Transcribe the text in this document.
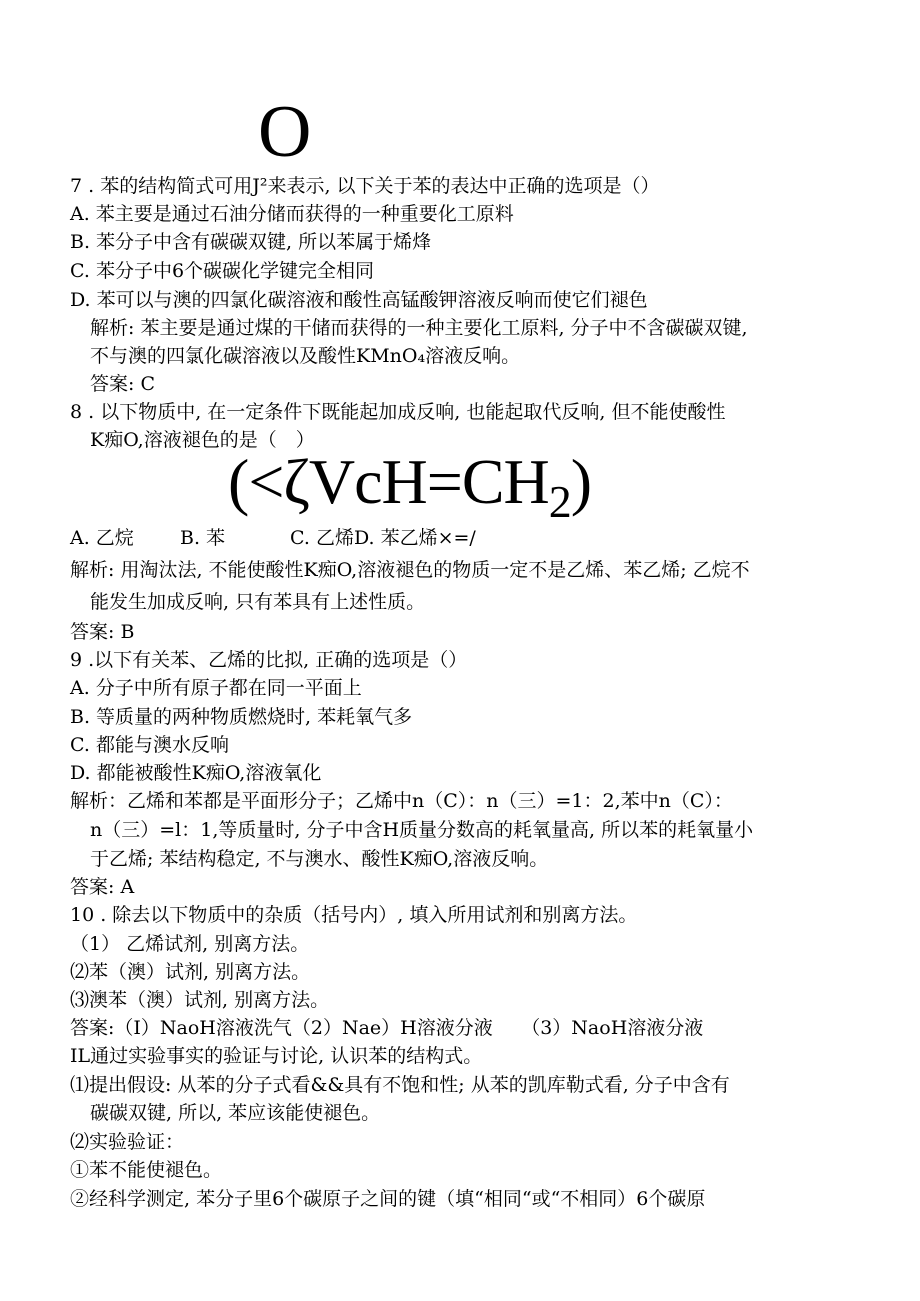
O
7 . 苯的结构简式可用J²来表示, 以下关于苯的表达中正确的选项是（）
A. 苯主要是通过石油分储而获得的一种重要化工原料
B. 苯分子中含有碳碳双键, 所以苯属于烯烽
C. 苯分子中6个碳碳化学键完全相同
D. 苯可以与澳的四氯化碳溶液和酸性高锰酸钾溶液反响而使它们褪色
解析: 苯主要是通过煤的干储而获得的一种主要化工原料, 分子中不含碳碳双键,
不与澳的四氯化碳溶液以及酸性KMnO₄溶液反响。
答案: C
8 . 以下物质中, 在一定条件下既能起加成反响, 也能起取代反响, 但不能使酸性
K痴O,溶液褪色的是（　）
$(<\zeta VcH=CH_2)$
A. 乙烷 B. 苯	C. 乙烯D. 苯乙烯×=/
解析: 用淘汰法, 不能使酸性K痴O,溶液褪色的物质一定不是乙烯、苯乙烯; 乙烷不
能发生加成反响, 只有苯具有上述性质。
答案: B
9 .以下有关苯、乙烯的比拟, 正确的选项是（）
A. 分子中所有原子都在同一平面上
B. 等质量的两种物质燃烧时, 苯耗氧气多
C. 都能与澳水反响
D. 都能被酸性K痴O,溶液氧化
解析：乙烯和苯都是平面形分子；乙烯中n（C）：n（三）=1：2,苯中n（C）：
n（三）=l：1,等质量时, 分子中含H质量分数高的耗氧量高, 所以苯的耗氧量小
于乙烯; 苯结构稳定, 不与澳水、酸性K痴O,溶液反响。
答案: A
10 . 除去以下物质中的杂质（括号内）, 填入所用试剂和别离方法。
（1） 乙烯试剂, 别离方法。
⑵苯（澳）试剂, 别离方法。
⑶澳苯（澳）试剂, 别离方法。
答案:（I）NaoH溶液洗气（2）Nae）H溶液分液　　（3）NaoH溶液分液
IL通过实验事实的验证与讨论, 认识苯的结构式。
⑴提出假设: 从苯的分子式看&&具有不饱和性; 从苯的凯库勒式看, 分子中含有
碳碳双键, 所以, 苯应该能使褪色。
⑵实验验证：
①苯不能使褪色。
②经科学测定, 苯分子里6个碳原子之间的键（填“相同“或“不相同）6个碳原
